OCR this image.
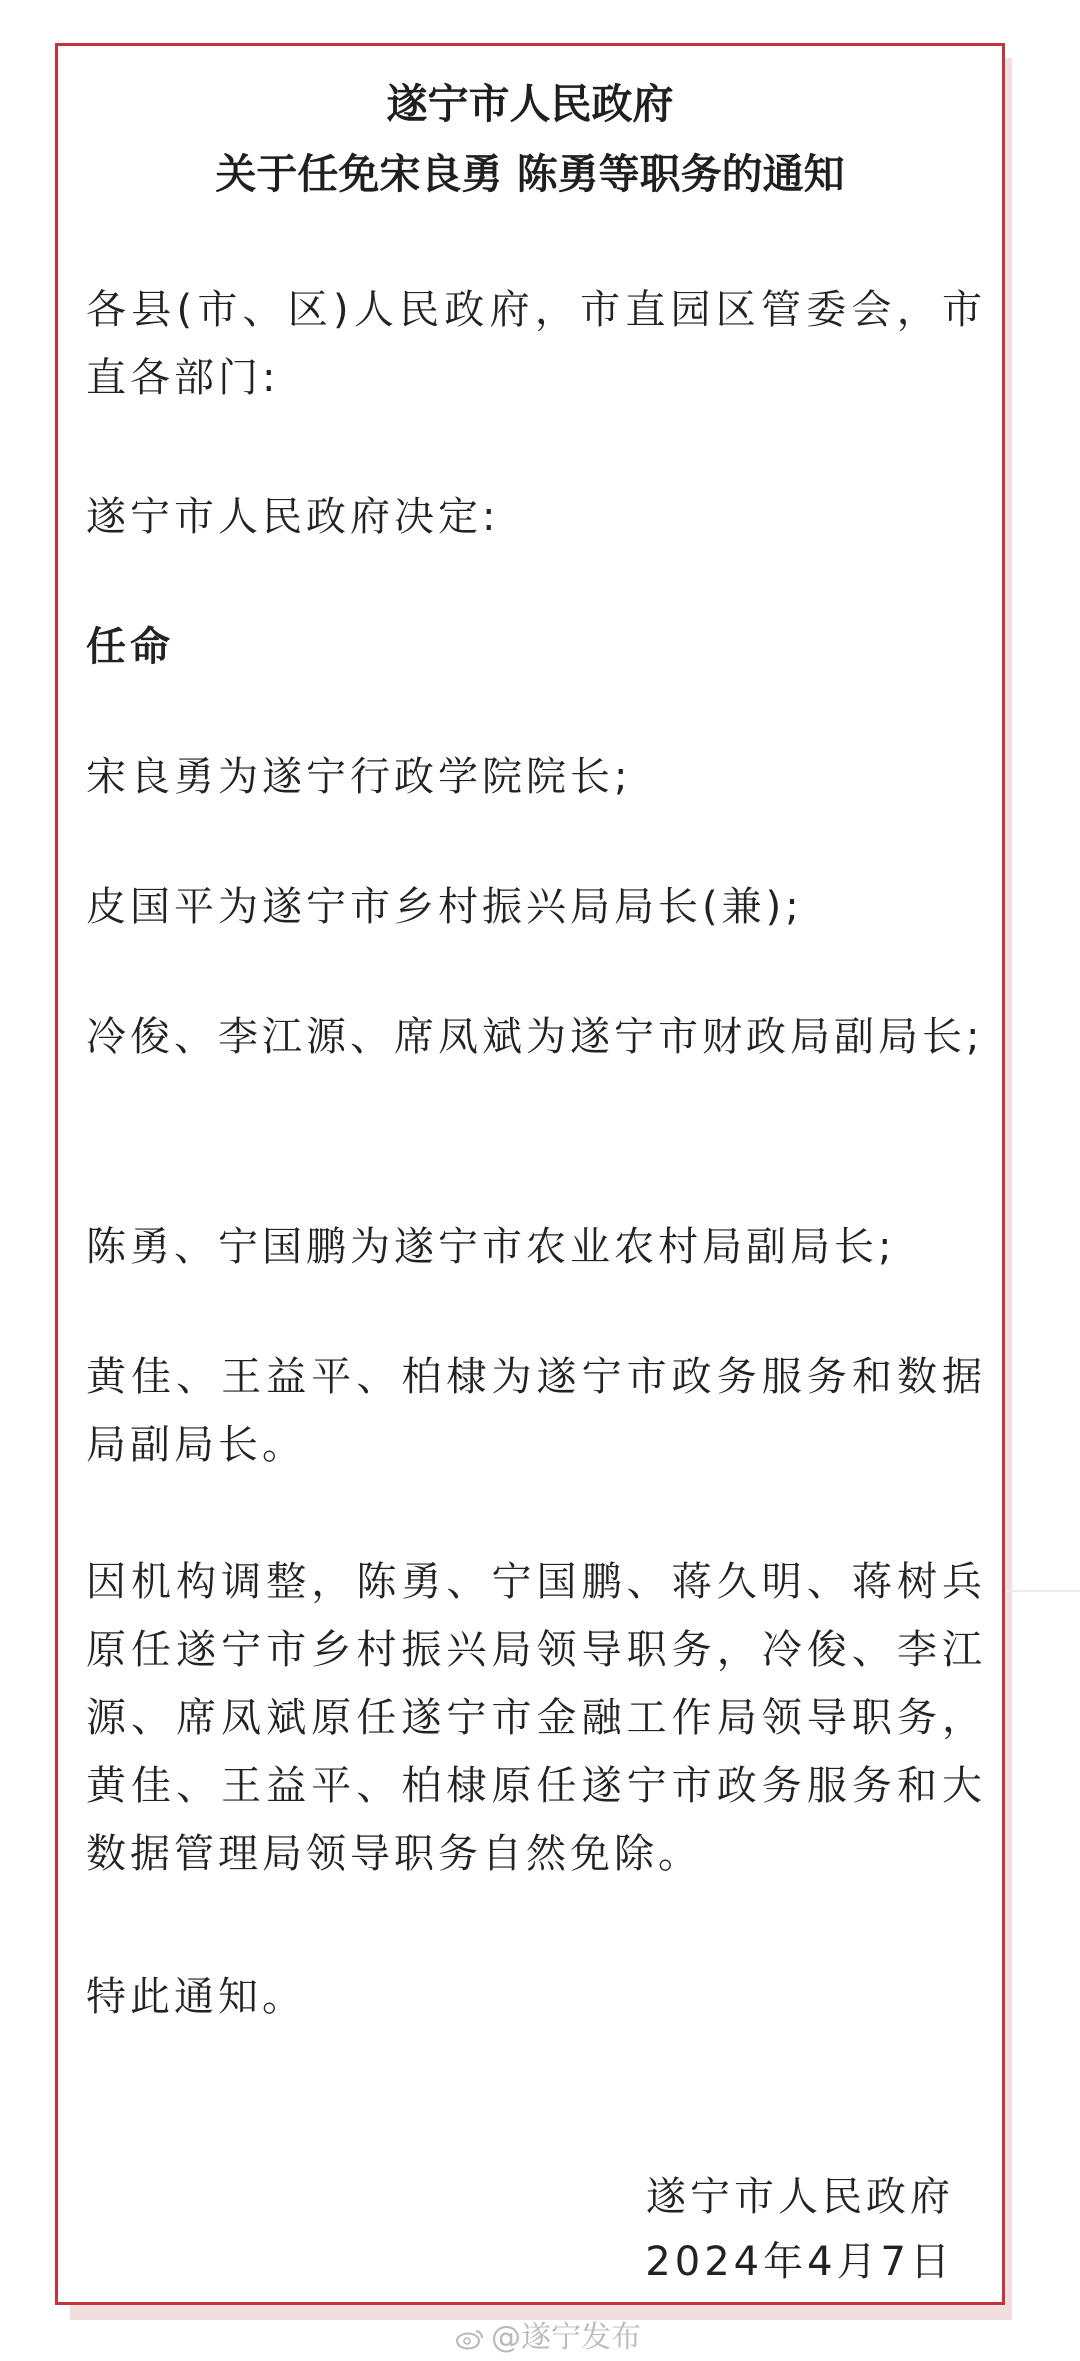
遂宁市人民政府
关于任免宋良勇 陈勇等职务的通知

各县(市、区)人民政府，市直园区管委会，市直各部门:

遂宁市人民政府决定:

任命

宋良勇为遂宁行政学院院长;

皮国平为遂宁市乡村振兴局局长(兼);

冷俊、李江源、席凤斌为遂宁市财政局副局长;

陈勇、宁国鹏为遂宁市农业农村局副局长;

黄佳、王益平、柏棣为遂宁市政务服务和数据局副局长。

因机构调整，陈勇、宁国鹏、蒋久明、蒋树兵原任遂宁市乡村振兴局领导职务，冷俊、李江源、席凤斌原任遂宁市金融工作局领导职务，黄佳、王益平、柏棣原任遂宁市政务服务和大数据管理局领导职务自然免除。

特此通知。

遂宁市人民政府

2024年4月7日

@遂宁发布
